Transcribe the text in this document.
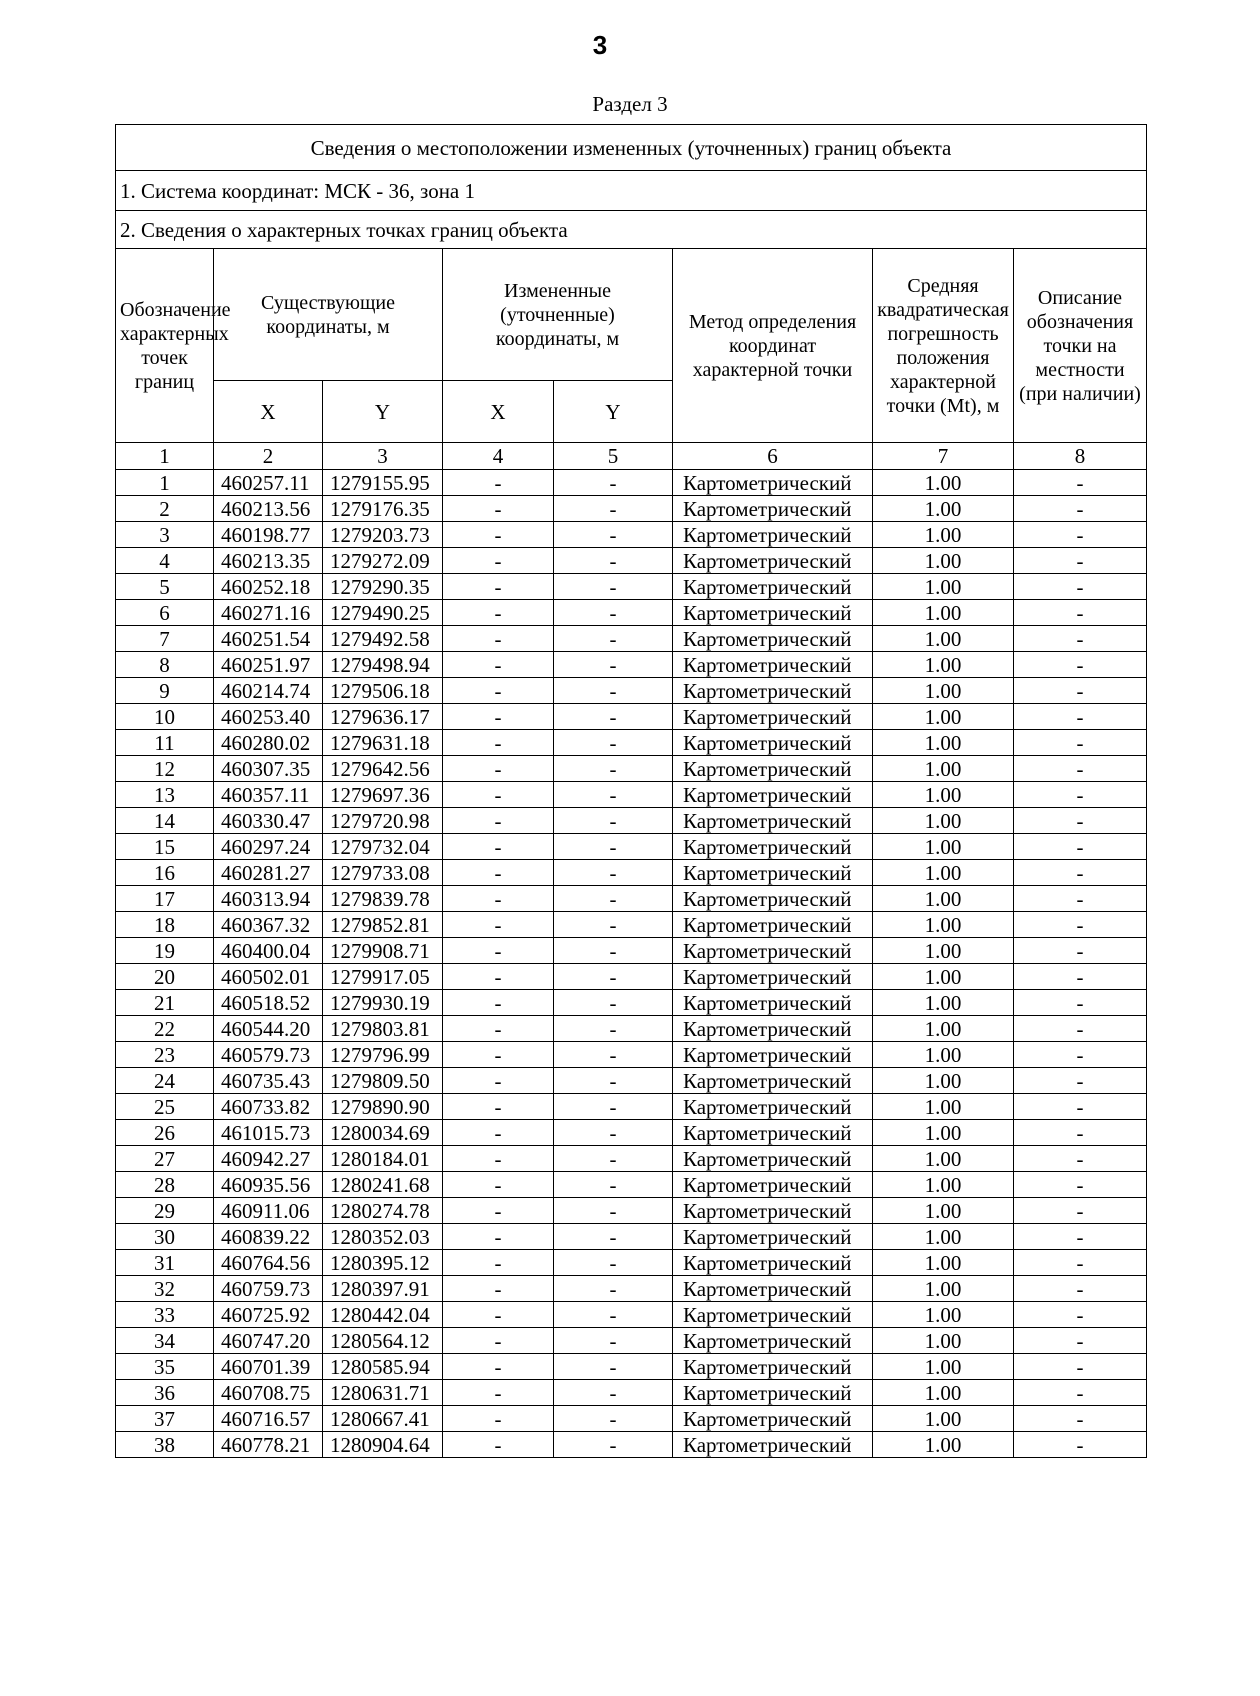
3
Раздел 3
Сведения о местоположении измененных (уточненных) границ объекта							
1. Система координат: МСК - 36, зона 1							
2. Сведения о характерных точках границ объекта							
Обозначение характерных точек границ	Существующие координаты, м		Измененные (уточненные) координаты, м		Метод определения координат характерной точки	Средняя квадратическая погрешность положения характерной точки (Mt), м	Описание обозначения точки на местности (при наличии)
	X	Y	X	Y			
1	2	3	4	5	6	7	8
1	460257.11	1279155.95	-	-	Картометрический	1.00	-
2	460213.56	1279176.35	-	-	Картометрический	1.00	-
3	460198.77	1279203.73	-	-	Картометрический	1.00	-
4	460213.35	1279272.09	-	-	Картометрический	1.00	-
5	460252.18	1279290.35	-	-	Картометрический	1.00	-
6	460271.16	1279490.25	-	-	Картометрический	1.00	-
7	460251.54	1279492.58	-	-	Картометрический	1.00	-
8	460251.97	1279498.94	-	-	Картометрический	1.00	-
9	460214.74	1279506.18	-	-	Картометрический	1.00	-
10	460253.40	1279636.17	-	-	Картометрический	1.00	-
11	460280.02	1279631.18	-	-	Картометрический	1.00	-
12	460307.35	1279642.56	-	-	Картометрический	1.00	-
13	460357.11	1279697.36	-	-	Картометрический	1.00	-
14	460330.47	1279720.98	-	-	Картометрический	1.00	-
15	460297.24	1279732.04	-	-	Картометрический	1.00	-
16	460281.27	1279733.08	-	-	Картометрический	1.00	-
17	460313.94	1279839.78	-	-	Картометрический	1.00	-
18	460367.32	1279852.81	-	-	Картометрический	1.00	-
19	460400.04	1279908.71	-	-	Картометрический	1.00	-
20	460502.01	1279917.05	-	-	Картометрический	1.00	-
21	460518.52	1279930.19	-	-	Картометрический	1.00	-
22	460544.20	1279803.81	-	-	Картометрический	1.00	-
23	460579.73	1279796.99	-	-	Картометрический	1.00	-
24	460735.43	1279809.50	-	-	Картометрический	1.00	-
25	460733.82	1279890.90	-	-	Картометрический	1.00	-
26	461015.73	1280034.69	-	-	Картометрический	1.00	-
27	460942.27	1280184.01	-	-	Картометрический	1.00	-
28	460935.56	1280241.68	-	-	Картометрический	1.00	-
29	460911.06	1280274.78	-	-	Картометрический	1.00	-
30	460839.22	1280352.03	-	-	Картометрический	1.00	-
31	460764.56	1280395.12	-	-	Картометрический	1.00	-
32	460759.73	1280397.91	-	-	Картометрический	1.00	-
33	460725.92	1280442.04	-	-	Картометрический	1.00	-
34	460747.20	1280564.12	-	-	Картометрический	1.00	-
35	460701.39	1280585.94	-	-	Картометрический	1.00	-
36	460708.75	1280631.71	-	-	Картометрический	1.00	-
37	460716.57	1280667.41	-	-	Картометрический	1.00	-
38	460778.21	1280904.64	-	-	Картометрический	1.00	-
